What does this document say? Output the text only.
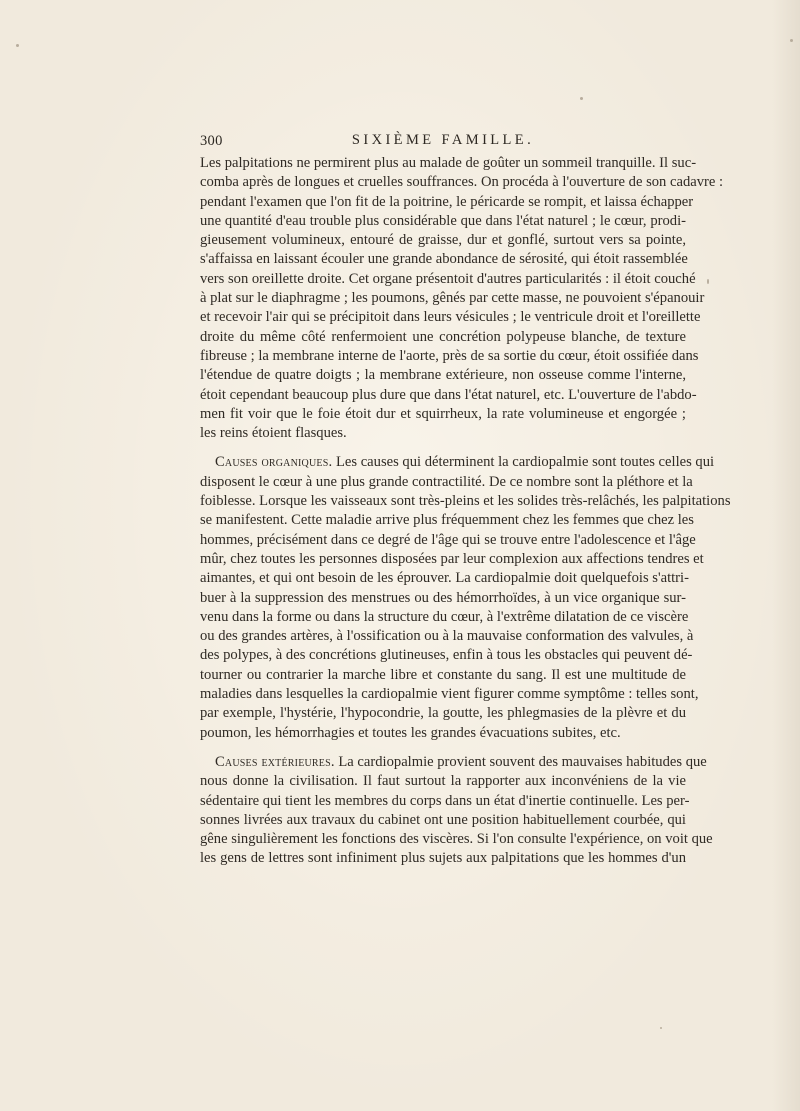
300	SIXIÈME FAMILLE.
Les palpitations ne permirent plus au malade de goûter un sommeil tranquille. Il suc-
comba après de longues et cruelles souffrances. On procéda à l'ouverture de son cadavre :
pendant l'examen que l'on fit de la poitrine, le péricarde se rompit, et laissa échapper
une quantité d'eau trouble plus considérable que dans l'état naturel ; le cœur, prodi-
gieusement volumineux, entouré de graisse, dur et gonflé, surtout vers sa pointe,
s'affaissa en laissant écouler une grande abondance de sérosité, qui étoit rassemblée
vers son oreillette droite. Cet organe présentoit d'autres particularités : il étoit couché
à plat sur le diaphragme ; les poumons, gênés par cette masse, ne pouvoient s'épanouir
et recevoir l'air qui se précipitoit dans leurs vésicules ; le ventricule droit et l'oreillette
droite du même côté renfermoient une concrétion polypeuse blanche, de texture
fibreuse ; la membrane interne de l'aorte, près de sa sortie du cœur, étoit ossifiée dans
l'étendue de quatre doigts ; la membrane extérieure, non osseuse comme l'interne,
étoit cependant beaucoup plus dure que dans l'état naturel, etc. L'ouverture de l'abdo-
men fit voir que le foie étoit dur et squirrheux, la rate volumineuse et engorgée ;
les reins étoient flasques.
Causes organiques. Les causes qui déterminent la cardiopalmie sont toutes celles qui
disposent le cœur à une plus grande contractilité. De ce nombre sont la pléthore et la
foiblesse. Lorsque les vaisseaux sont très-pleins et les solides très-relâchés, les palpitations
se manifestent. Cette maladie arrive plus fréquemment chez les femmes que chez les
hommes, précisément dans ce degré de l'âge qui se trouve entre l'adolescence et l'âge
mûr, chez toutes les personnes disposées par leur complexion aux affections tendres et
aimantes, et qui ont besoin de les éprouver. La cardiopalmie doit quelquefois s'attri-
buer à la suppression des menstrues ou des hémorrhoïdes, à un vice organique sur-
venu dans la forme ou dans la structure du cœur, à l'extrême dilatation de ce viscère
ou des grandes artères, à l'ossification ou à la mauvaise conformation des valvules, à
des polypes, à des concrétions glutineuses, enfin à tous les obstacles qui peuvent dé-
tourner ou contrarier la marche libre et constante du sang. Il est une multitude de
maladies dans lesquelles la cardiopalmie vient figurer comme symptôme : telles sont,
par exemple, l'hystérie, l'hypocondrie, la goutte, les phlegmasies de la plèvre et du
poumon, les hémorrhagies et toutes les grandes évacuations subites, etc.
Causes extérieures. La cardiopalmie provient souvent des mauvaises habitudes que
nous donne la civilisation. Il faut surtout la rapporter aux inconvéniens de la vie
sédentaire qui tient les membres du corps dans un état d'inertie continuelle. Les per-
sonnes livrées aux travaux du cabinet ont une position habituellement courbée, qui
gêne singulièrement les fonctions des viscères. Si l'on consulte l'expérience, on voit que
les gens de lettres sont infiniment plus sujets aux palpitations que les hommes d'un
